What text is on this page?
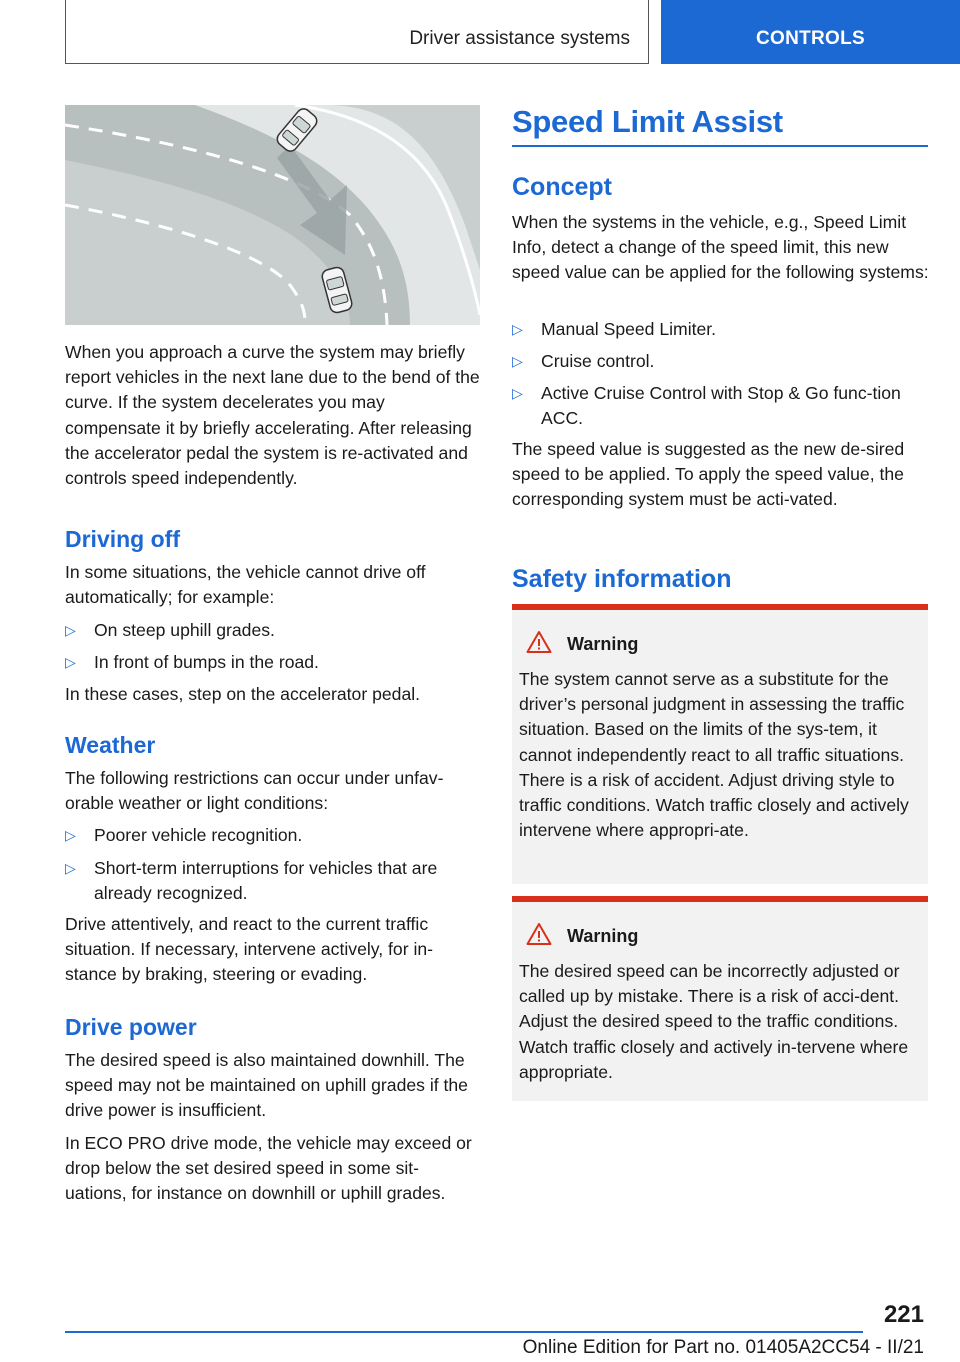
Driver assistance systems	CONTROLS

When you approach a curve the system may briefly report vehicles in the next lane due to the bend of the curve. If the system decelerates you may compensate it by briefly accelerating. After releasing the accelerator pedal the system is re-activated and controls speed independently.

Driving off

In some situations, the vehicle cannot drive off automatically; for example:

▷ On steep uphill grades.
▷ In front of bumps in the road.

In these cases, step on the accelerator pedal.

Weather

The following restrictions can occur under unfav-orable weather or light conditions:

▷ Poorer vehicle recognition.
▷ Short-term interruptions for vehicles that are already recognized.

Drive attentively, and react to the current traffic situation. If necessary, intervene actively, for in-stance by braking, steering or evading.

Drive power

The desired speed is also maintained downhill. The speed may not be maintained on uphill grades if the drive power is insufficient.

In ECO PRO drive mode, the vehicle may exceed or drop below the set desired speed in some sit-uations, for instance on downhill or uphill grades.

Speed Limit Assist
Concept

When the systems in the vehicle, e.g., Speed Limit Info, detect a change of the speed limit, this new speed value can be applied for the following systems:

▷ Manual Speed Limiter.
▷ Cruise control.
▷ Active Cruise Control with Stop & Go func-tion ACC.

The speed value is suggested as the new de-sired speed to be applied. To apply the speed value, the corresponding system must be acti-vated.

Safety information
Warning

The system cannot serve as a substitute for the driver’s personal judgment in assessing the traffic situation. Based on the limits of the sys-tem, it cannot independently react to all traffic situations. There is a risk of accident. Adjust driving style to traffic conditions. Watch traffic closely and actively intervene where appropri-ate.

Warning

The desired speed can be incorrectly adjusted or called up by mistake. There is a risk of acci-dent. Adjust the desired speed to the traffic conditions. Watch traffic closely and actively in-tervene where appropriate.

221
Online Edition for Part no. 01405A2CC54 - II/21
